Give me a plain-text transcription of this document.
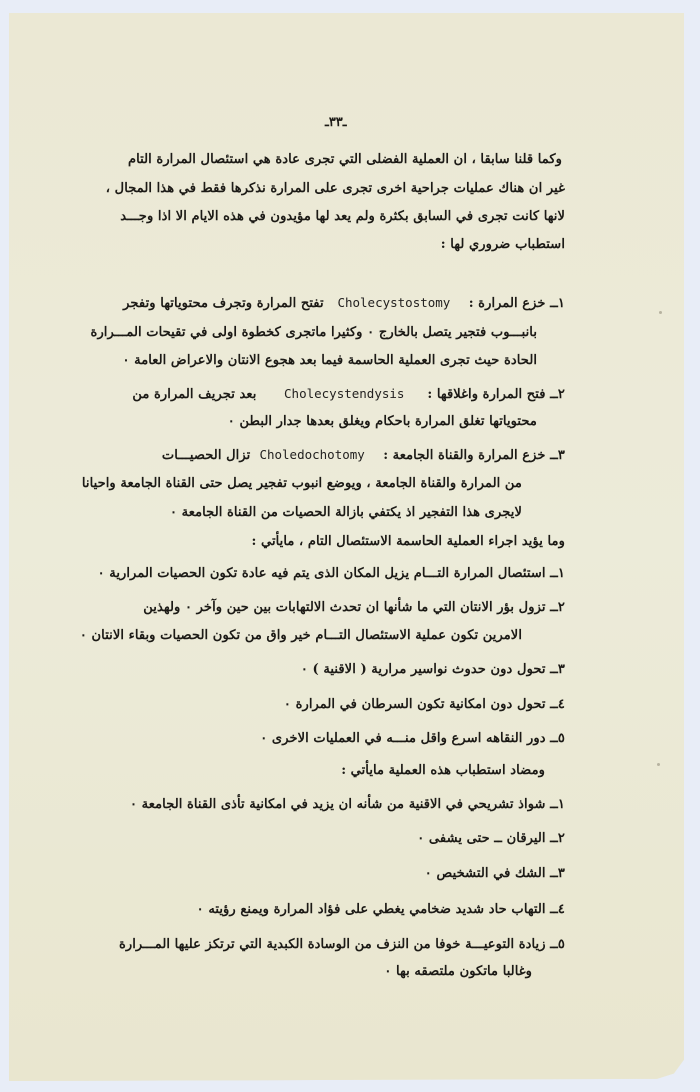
ـ٣٣ـ
وكما قلنا سابقا ، ان العملية الفضلى التي تجرى عادة هي استئصال المرارة التام
غير ان هناك عمليات جراحية اخرى تجرى على المرارة نذكرها فقط في هذا المجال ،
لانها كانت تجرى في السابق بكثرة ولم يعد لها مؤيدون في هذه الايام الا اذا وجـــد
استطباب ضروري لها :
١ــ خزع المرارة :    Cholecystostomy   تفتح المرارة وتجرف محتوياتها وتفجر
بانبـــوب فتجير يتصل بالخارج ٠ وكثيرا ماتجرى كخطوة اولى في تقيحات المـــرارة
الحادة حيث تجرى العملية الحاسمة فيما بعد هجوع الانتان والاعراض العامة ٠
٢ــ فتح المرارة واغلاقها :     Cholecystendysis      بعد تجريف المرارة من
محتوياتها تغلق المرارة باحكام ويغلق بعدها جدار البطن ٠
٣ــ خزع المرارة والقناة الجامعة :    Choledochotomy  تزال الحصيـــات
من المرارة والقناة الجامعة ، ويوضع انبوب تفجير يصل حتى القناة الجامعة واحيانا
لايجرى هذا التفجير اذ يكتفي بازالة الحصيات من القناة الجامعة ٠
وما يؤيد اجراء العملية الحاسمة الاستئصال التام ، مايأتي :
١ــ استئصال المرارة التـــام يزيل المكان الذى يتم فيه عادة تكون الحصيات المرارية ٠
٢ــ تزول بؤر الانتان التي ما شأنها ان تحدث الالتهابات بين حين وآخر ٠ ولهذين
الامرين تكون عملية الاستئصال التـــام خير واق من تكون الحصيات وبقاء الانتان ٠
٣ــ تحول دون حدوث نواسير مرارية ( الاقنية ) ٠
٤ــ تحول دون امكانية تكون السرطان في المرارة ٠
٥ــ دور النقاهه اسرع واقل منـــه في العمليات الاخرى ٠
ومضاد استطباب هذه العملية مايأتي :
١ــ شواذ تشريحي في الاقنية من شأنه ان يزيد في امكانية تأذى القناة الجامعة ٠
٢ــ اليرقان ــ حتى يشفى ٠
٣ــ الشك في التشخيص ٠
٤ــ التهاب حاد شديد ضخامي يغطي على فؤاد المرارة ويمنع رؤيته ٠
٥ــ زيادة التوعيـــة خوفا من النزف من الوسادة الكبدية التي ترتكز عليها المـــرارة
وغالبا ماتكون ملتصقه بها ٠
